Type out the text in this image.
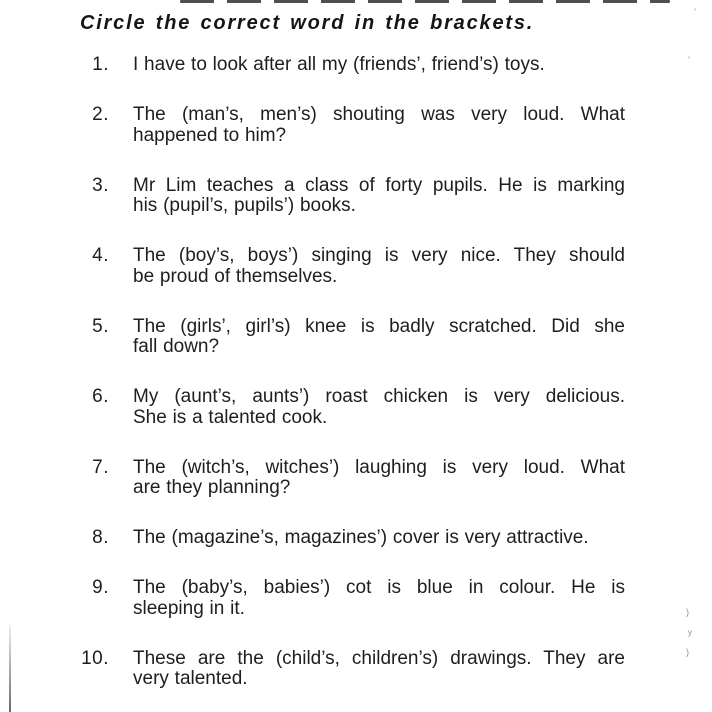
’
’
)
y
)
Circle the correct word in the brackets.
1. I have to look after all my (friends’, friend’s) toys.
2. The (man’s, men’s) shouting was very loud. What
happened to him?
3. Mr Lim teaches a class of forty pupils. He is marking
his (pupil’s, pupils’) books.
4. The (boy’s, boys’) singing is very nice. They should
be proud of themselves.
5. The (girls’, girl’s) knee is badly scratched. Did she
fall down?
6. My (aunt’s, aunts’) roast chicken is very delicious.
She is a talented cook.
7. The (witch’s, witches’) laughing is very loud. What
are they planning?
8. The (magazine’s, magazines’) cover is very attractive.
9. The (baby’s, babies’) cot is blue in colour. He is
sleeping in it.
10. These are the (child’s, children’s) drawings. They are
very talented.
